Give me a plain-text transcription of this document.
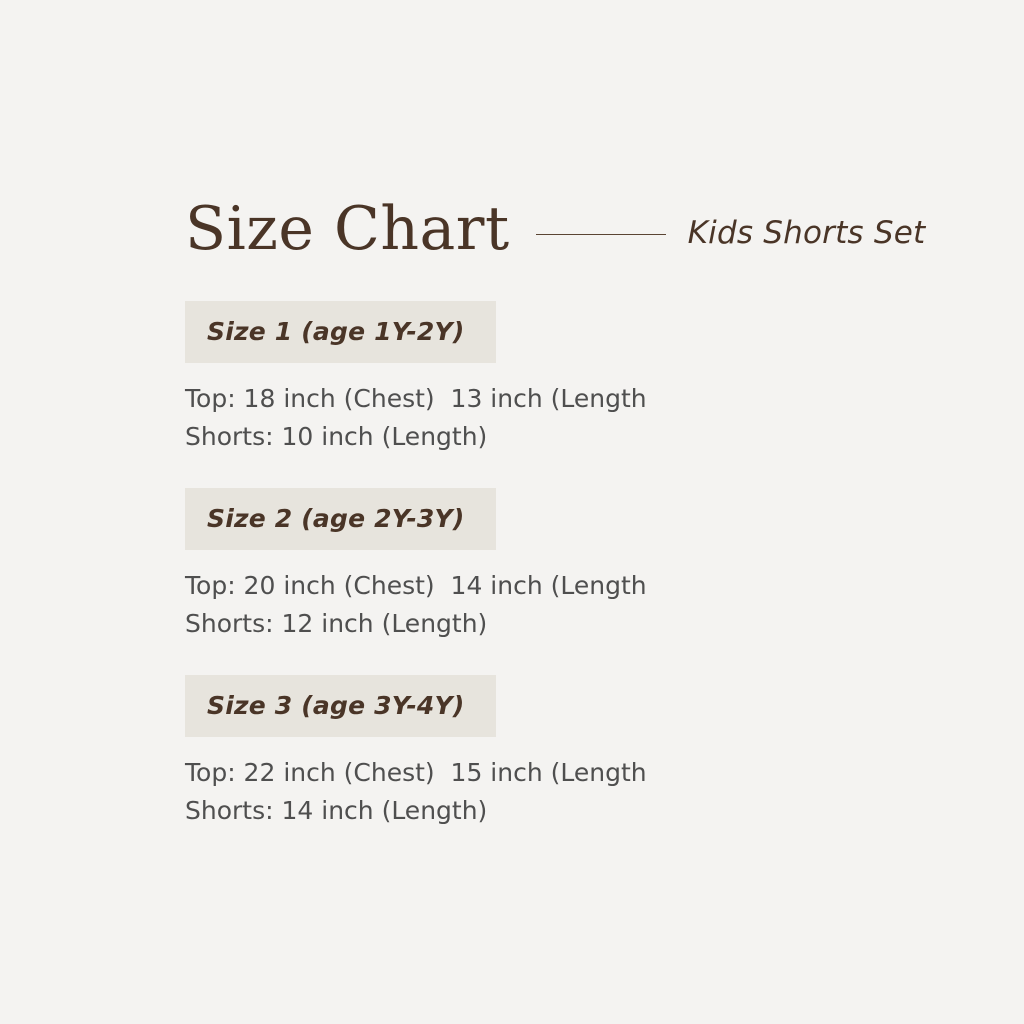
Size Chart	Kids Shorts Set
Size 1 (age 1Y-2Y)
Top: 18 inch (Chest)  13 inch (Length
Shorts: 10 inch (Length)
Size 2 (age 2Y-3Y)
Top: 20 inch (Chest)  14 inch (Length
Shorts: 12 inch (Length)
Size 3 (age 3Y-4Y)
Top: 22 inch (Chest)  15 inch (Length
Shorts: 14 inch (Length)
